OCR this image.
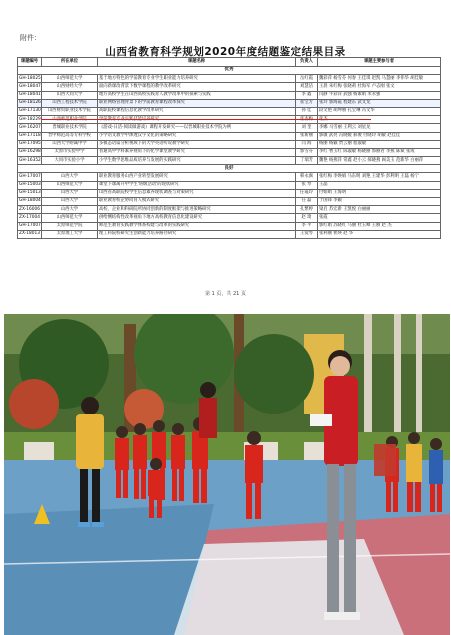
附件：
山西省教育科学规划2020年度结题鉴定结果目录
课题编号	所在单位	课题名称	负责人	课题主要参与者
优秀				
GH-18025	山西师范大学	基于地方特色的学前教育专业学生职业能力培养研究	岳红霞	魏彩萍 杨雪芬 何春 王佳琪 赵凯 马慧丽 李伟华 胡佳敏
GH-18047	山西财经大学	面向新课改背景下数学课程的教学改革研究	刘慧洁	王晨 朱红梅 张晓莉 杜海军 卢志刚 张文
GH-18041	山西大同大学	地方高校学生在山西高校实践育人教学改革中的探索与实践	李 鑫	闫静 牛彩萍 武强 杨素娟 米永强
GH-18126	山西工程技术学院	职业网络管理背景下的学前教育课程改革探究	崔宝芳	张玲 郭海霞 程建东 武文龙
GH-17130	山西财贸职业技术学院	高职院校课程信息化教学改革研究	孙 佳	段文艳 胡坤丽 孔宝琳 冯文华
GH-18229	山西师范职业学院	学前教育专业实践技能培养研究	张杏梅	张杰
GH-16207	晋城职业技术学院	《游戏-日活-阅读做游戏》课程开发研究——以晋城职业技术学院为例	刘 奎	李娜 马雪丽 王利云 刘星龙
GH-17118	晋中师范高等专科学校	小学语文教学中渗透汉字文化的策略研究	张新丽	郭敏 武亮 冯晓媛 郝俊 付晓玲 胡敏 赵佳佳
GH-17095	山西大学附属中学	多模态语篇分析视域下的大学英语听说教学研究	闫 海	杨丽 杨颖 贾云丽 程淑敏
GH-16298	太原市实验中学	普通高中学科素养视角下的化学课堂教学研究	郭雪芬	李红 曹玉红 陈淑敏 杨晓丽 郭丽君 李燕 陈斌 张成
GH-16352	大同市实验小学	小学生数学思维品质培养与发展的实践研究	丁瑞芳	魏艳 杨燕萍 常鑫 赵小云 郝晓燕 阎美玉 范新华 白丽萍
良好				
GH-17007	山西大学	职业教育服务山西产业转型发展研究	韩永旗	张红梅 李焕娟 马东明 刘艳 王建华 彭利明 王磊 杨宁
GH-15003	山西师范大学	课堂下课离开中学生'班级活动'的现状研究	张 琴	王晶
GH-15013	山西大学	山西省高职院校学生信息素养现状调查与对策研究	任霞玲	付娟娟 王海明
GH-18004	山西大学	职业教育校企协同育人模式研究	任 磊	于国锋 李颖
ZX-16006	山西大学	高校、企业和科研院所协同创新的制度框架与推进策略研究	孔繁婷	梁启 苏宏新 王凯悦 白丽丽
ZX-17004	山西师范大学	供给侧结构性改革视角下地方高校教育信息化建设研究	赵 琦	张霞
GH-17007	太原师范学院	师范生教育实践教学体系构建与改革的实践研究	李 平	郭红娟 苏晓红 马丽 杜玉峰 王丽 赵 杰
ZX-18013	太原理工大学	理工科院校研究生创新能力培养路径研究	王爱琴	张利丽 侯瑛 赵 华
第 1 页，共 21 页
